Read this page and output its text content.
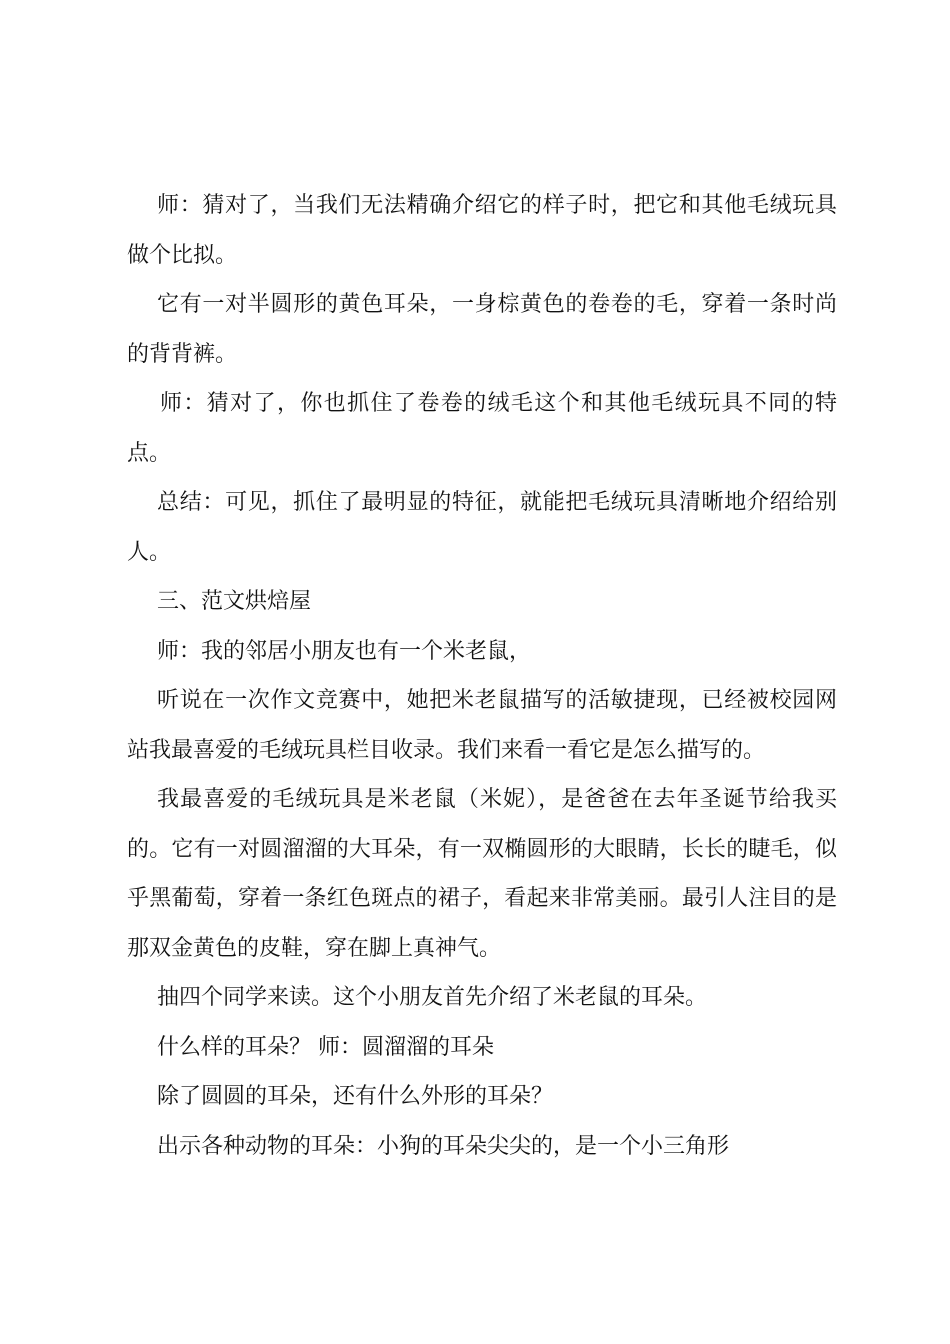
师：猜对了，当我们无法精确介绍它的样子时，把它和其他毛绒玩具做个比拟。

它有一对半圆形的黄色耳朵，一身棕黄色的卷卷的毛，穿着一条时尚的背背裤。

师：猜对了，你也抓住了卷卷的绒毛这个和其他毛绒玩具不同的特点。

总结：可见，抓住了最明显的特征，就能把毛绒玩具清晰地介绍给别人。

三、范文烘焙屋

师：我的邻居小朋友也有一个米老鼠，

听说在一次作文竞赛中，她把米老鼠描写的活敏捷现，已经被校园网站我最喜爱的毛绒玩具栏目收录。我们来看一看它是怎么描写的。

我最喜爱的毛绒玩具是米老鼠（米妮），是爸爸在去年圣诞节给我买的。它有一对圆溜溜的大耳朵，有一双椭圆形的大眼睛，长长的睫毛，似乎黑葡萄，穿着一条红色斑点的裙子，看起来非常美丽。最引人注目的是那双金黄色的皮鞋，穿在脚上真神气。

抽四个同学来读。这个小朋友首先介绍了米老鼠的耳朵。

什么样的耳朵？ 师：圆溜溜的耳朵

除了圆圆的耳朵，还有什么外形的耳朵？

出示各种动物的耳朵：小狗的耳朵尖尖的，是一个小三角形
